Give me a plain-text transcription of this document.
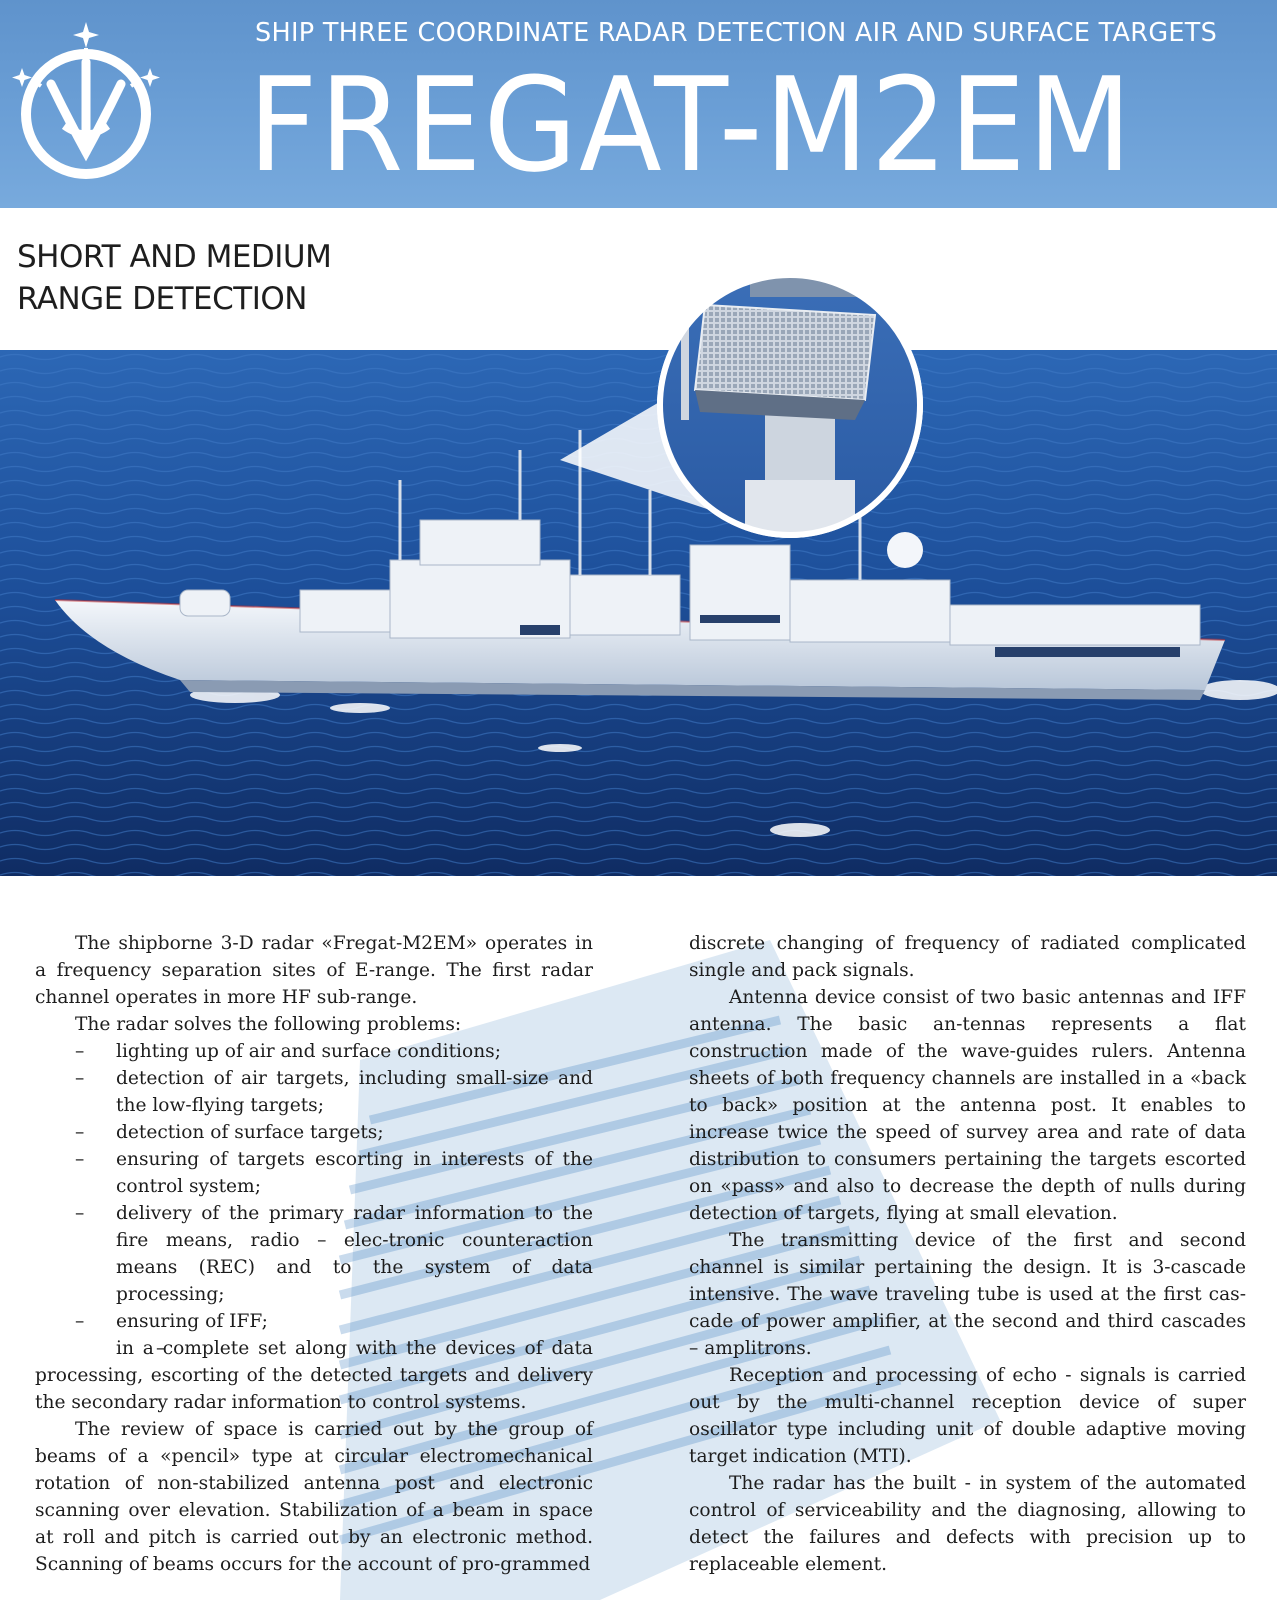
SHIP THREE COORDINATE RADAR DETECTION AIR AND SURFACE TARGETS
FREGAT-M2EM
SHORT AND MEDIUM
RANGE DETECTION

The shipborne 3-D radar «Fregat-M2EM» operates in a frequency separation sites of E-range. The first radar channel operates in more HF sub-range.

The radar solves the following problems:

– lighting up of air and surface conditions;
– detection of air targets, including small-size and the low-flying targets;
– detection of surface targets;
– ensuring of targets escorting in interests of the control system;
– delivery of the primary radar information to the fire means, radio – elec-tronic counteraction means (REC) and to the system of data processing;
– ensuring of IFF;
– in a complete set along with the devices of data processing, escorting of the detected targets and delivery the secondary radar information to control systems.

The review of space is carried out by the group of beams of a «pencil» type at circular electromechanical rotation of non-stabilized antenna post and electronic scanning over elevation. Stabilization of a beam in space at roll and pitch is carried out by an electronic method. Scanning of beams occurs for the account of pro-grammed

discrete changing of frequency of radiated complicated single and pack signals.

Antenna device consist of two basic antennas and IFF antenna. The basic an-tennas represents a flat construction made of the wave-guides rulers. Antenna sheets of both frequency channels are installed in a «back to back» position at the antenna post. It enables to increase twice the speed of survey area and rate of data distribution to consumers pertaining the targets escorted on «pass» and also to decrease the depth of nulls during detection of targets, flying at small elevation.

The transmitting device of the first and second channel is similar pertaining the design. It is 3-cascade intensive. The wave traveling tube is used at the first cas-cade of power amplifier, at the second and third cascades – amplitrons.

Reception and processing of echo - signals is carried out by the multi-channel reception device of super oscillator type including unit of double adaptive moving target indication (MTI).

The radar has the built - in system of the automated control of serviceability and the diagnosing, allowing to detect the failures and defects with precision up to replaceable element.
